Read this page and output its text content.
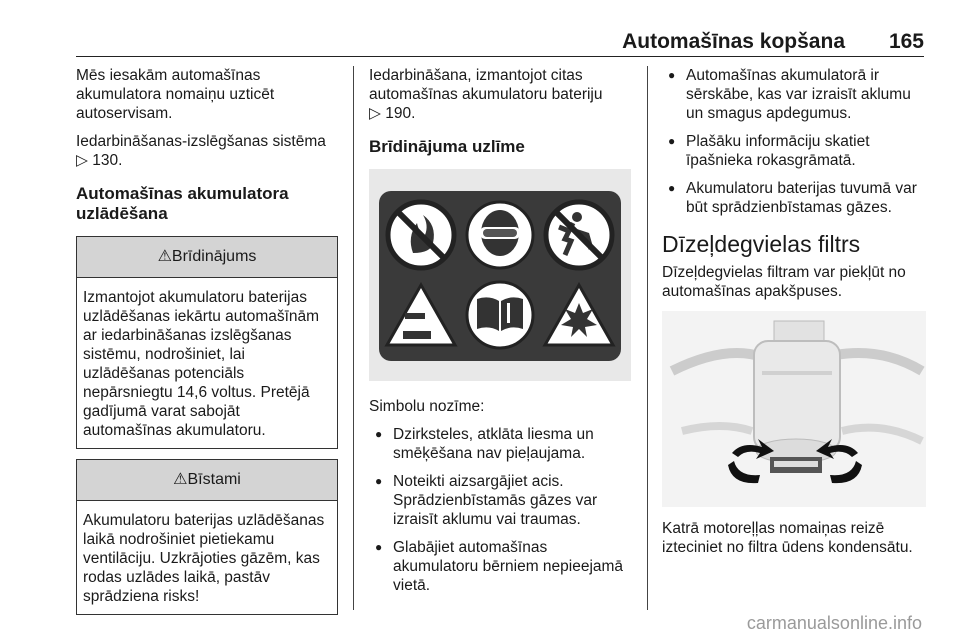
Automašīnas kopšana 165

Mēs iesakām automašīnas akumulatora nomaiņu uzticēt autoservisam.

Iedarbināšanas-izslēgšanas sistēma
▷ 130.

Automašīnas akumulatora uzlādēšana
⚠Brīdinājums
Izmantojot akumulatoru baterijas uzlādēšanas iekārtu automašīnām ar iedarbināšanas izslēgšanas sistēmu, nodrošiniet, lai uzlādēšanas potenciāls nepārsniegtu 14,6 voltus. Pretējā gadījumā varat sabojāt automašīnas akumulatoru.
⚠Bīstami
Akumulatoru baterijas uzlādēšanas laikā nodrošiniet pietiekamu ventilāciju. Uzkrājoties gāzēm, kas rodas uzlādes laikā, pastāv sprādziena risks!

Iedarbināšana, izmantojot citas automašīnas akumulatoru bateriju
▷ 190.

Brīdinājuma uzlīme

Simbolu nozīme:

● Dzirksteles, atklāta liesma un smēķēšana nav pieļaujama.
● Noteikti aizsargājiet acis. Sprādzienbīstamās gāzes var izraisīt aklumu vai traumas.
● Glabājiet automašīnas akumulatoru bērniem nepieejamā vietā.
● Automašīnas akumulatorā ir sērskābe, kas var izraisīt aklumu un smagus apdegumus.
● Plašāku informāciju skatiet īpašnieka rokasgrāmatā.
● Akumulatoru baterijas tuvumā var būt sprādzienbīstamas gāzes.
Dīzeļdegvielas filtrs

Dīzeļdegvielas filtram var piekļūt no automašīnas apakšpuses.

Katrā motoreļļas nomaiņas reizē izteciniet no filtra ūdens kondensātu.

carmanualsonline.info
